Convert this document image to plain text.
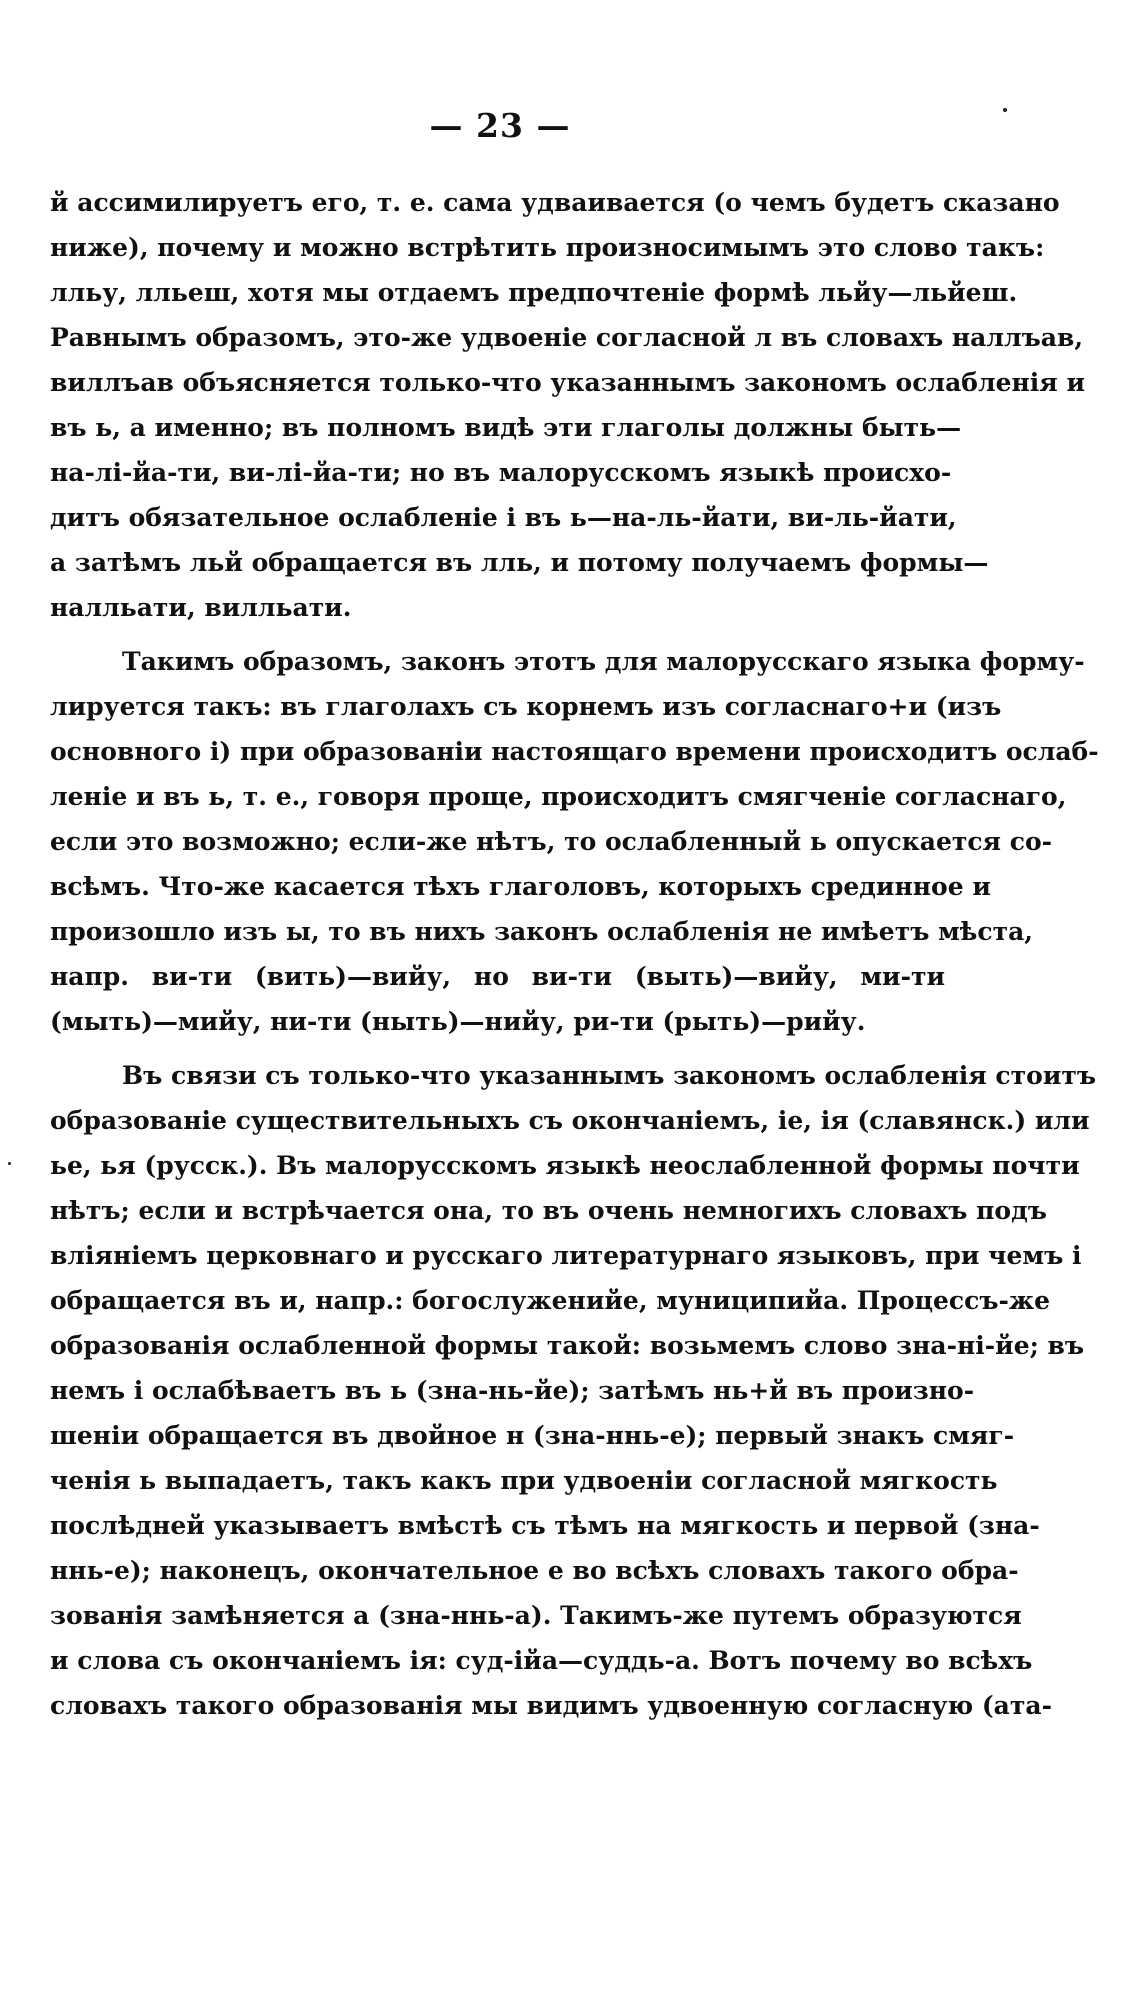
— 23 —
й ассимилируетъ его, т. е. сама удваивается (о чемъ будетъ сказано
ниже), почему и можно встрѣтить произносимымъ это слово такъ:
лльу, лльеш, хотя мы отдаемъ предпочтенiе формѣ льйу—льйеш.
Равнымъ образомъ, это-же удвоенiе согласной л въ словахъ наллъав,
виллъав объясняется только-что указаннымъ закономъ ослабленiя и
въ ь, а именно; въ полномъ видѣ эти глаголы должны быть—
на-лi-йа-ти, ви-лi-йа-ти; но въ малорусскомъ языкѣ происхо-
дитъ обязательное ослабленiе i въ ь—на-ль-йати, ви-ль-йати,
а затѣмъ льй обращается въ лль, и потому получаемъ формы—
налльати, вилльати.
Такимъ образомъ, законъ этотъ для малорусскаго языка форму-
лируется такъ: въ глаголахъ съ корнемъ изъ согласнаго+и (изъ
основного i) при образованiи настоящаго времени происходитъ ослаб-
ленiе и въ ь, т. е., говоря проще, происходитъ смягченiе согласнаго,
если это возможно; если-же нѣтъ, то ослабленный ь опускается со-
всѣмъ. Что-же касается тѣхъ глаголовъ, которыхъ срединное и
произошло изъ ы, то въ нихъ законъ ослабленiя не имѣетъ мѣста,
напр. ви-ти (вить)—вийу, но ви-ти (выть)—вийу, ми-ти
(мыть)—мийу, ни-ти (ныть)—нийу, ри-ти (рыть)—рийу.
Въ связи съ только-что указаннымъ закономъ ослабленiя стоитъ
образованiе существительныхъ съ окончанiемъ, iе, iя (славянск.) или
ье, ья (русск.). Въ малорусскомъ языкѣ неослабленной формы почти
нѣтъ; если и встрѣчается она, то въ очень немногихъ словахъ подъ
влiянiемъ церковнаго и русскаго литературнаго языковъ, при чемъ i
обращается въ и, напр.: богослуженийе, муниципийа. Процессъ-же
образованiя ослабленной формы такой: возьмемъ слово зна-нi-йе; въ
немъ i ослабѣваетъ въ ь (зна-нь-йе); затѣмъ нь+й въ произно-
шенiи обращается въ двойное н (зна-ннь-е); первый знакъ смяг-
ченiя ь выпадаетъ, такъ какъ при удвоенiи согласной мягкость
послѣдней указываетъ вмѣстѣ съ тѣмъ на мягкость и первой (зна-
ннь-е); наконецъ, окончательное е во всѣхъ словахъ такого обра-
зованiя замѣняется а (зна-ннь-а). Такимъ-же путемъ образуются
и слова съ окончанiемъ iя: суд-iйа—суддь-а. Вотъ почему во всѣхъ
словахъ такого образованiя мы видимъ удвоенную согласную (ата-
